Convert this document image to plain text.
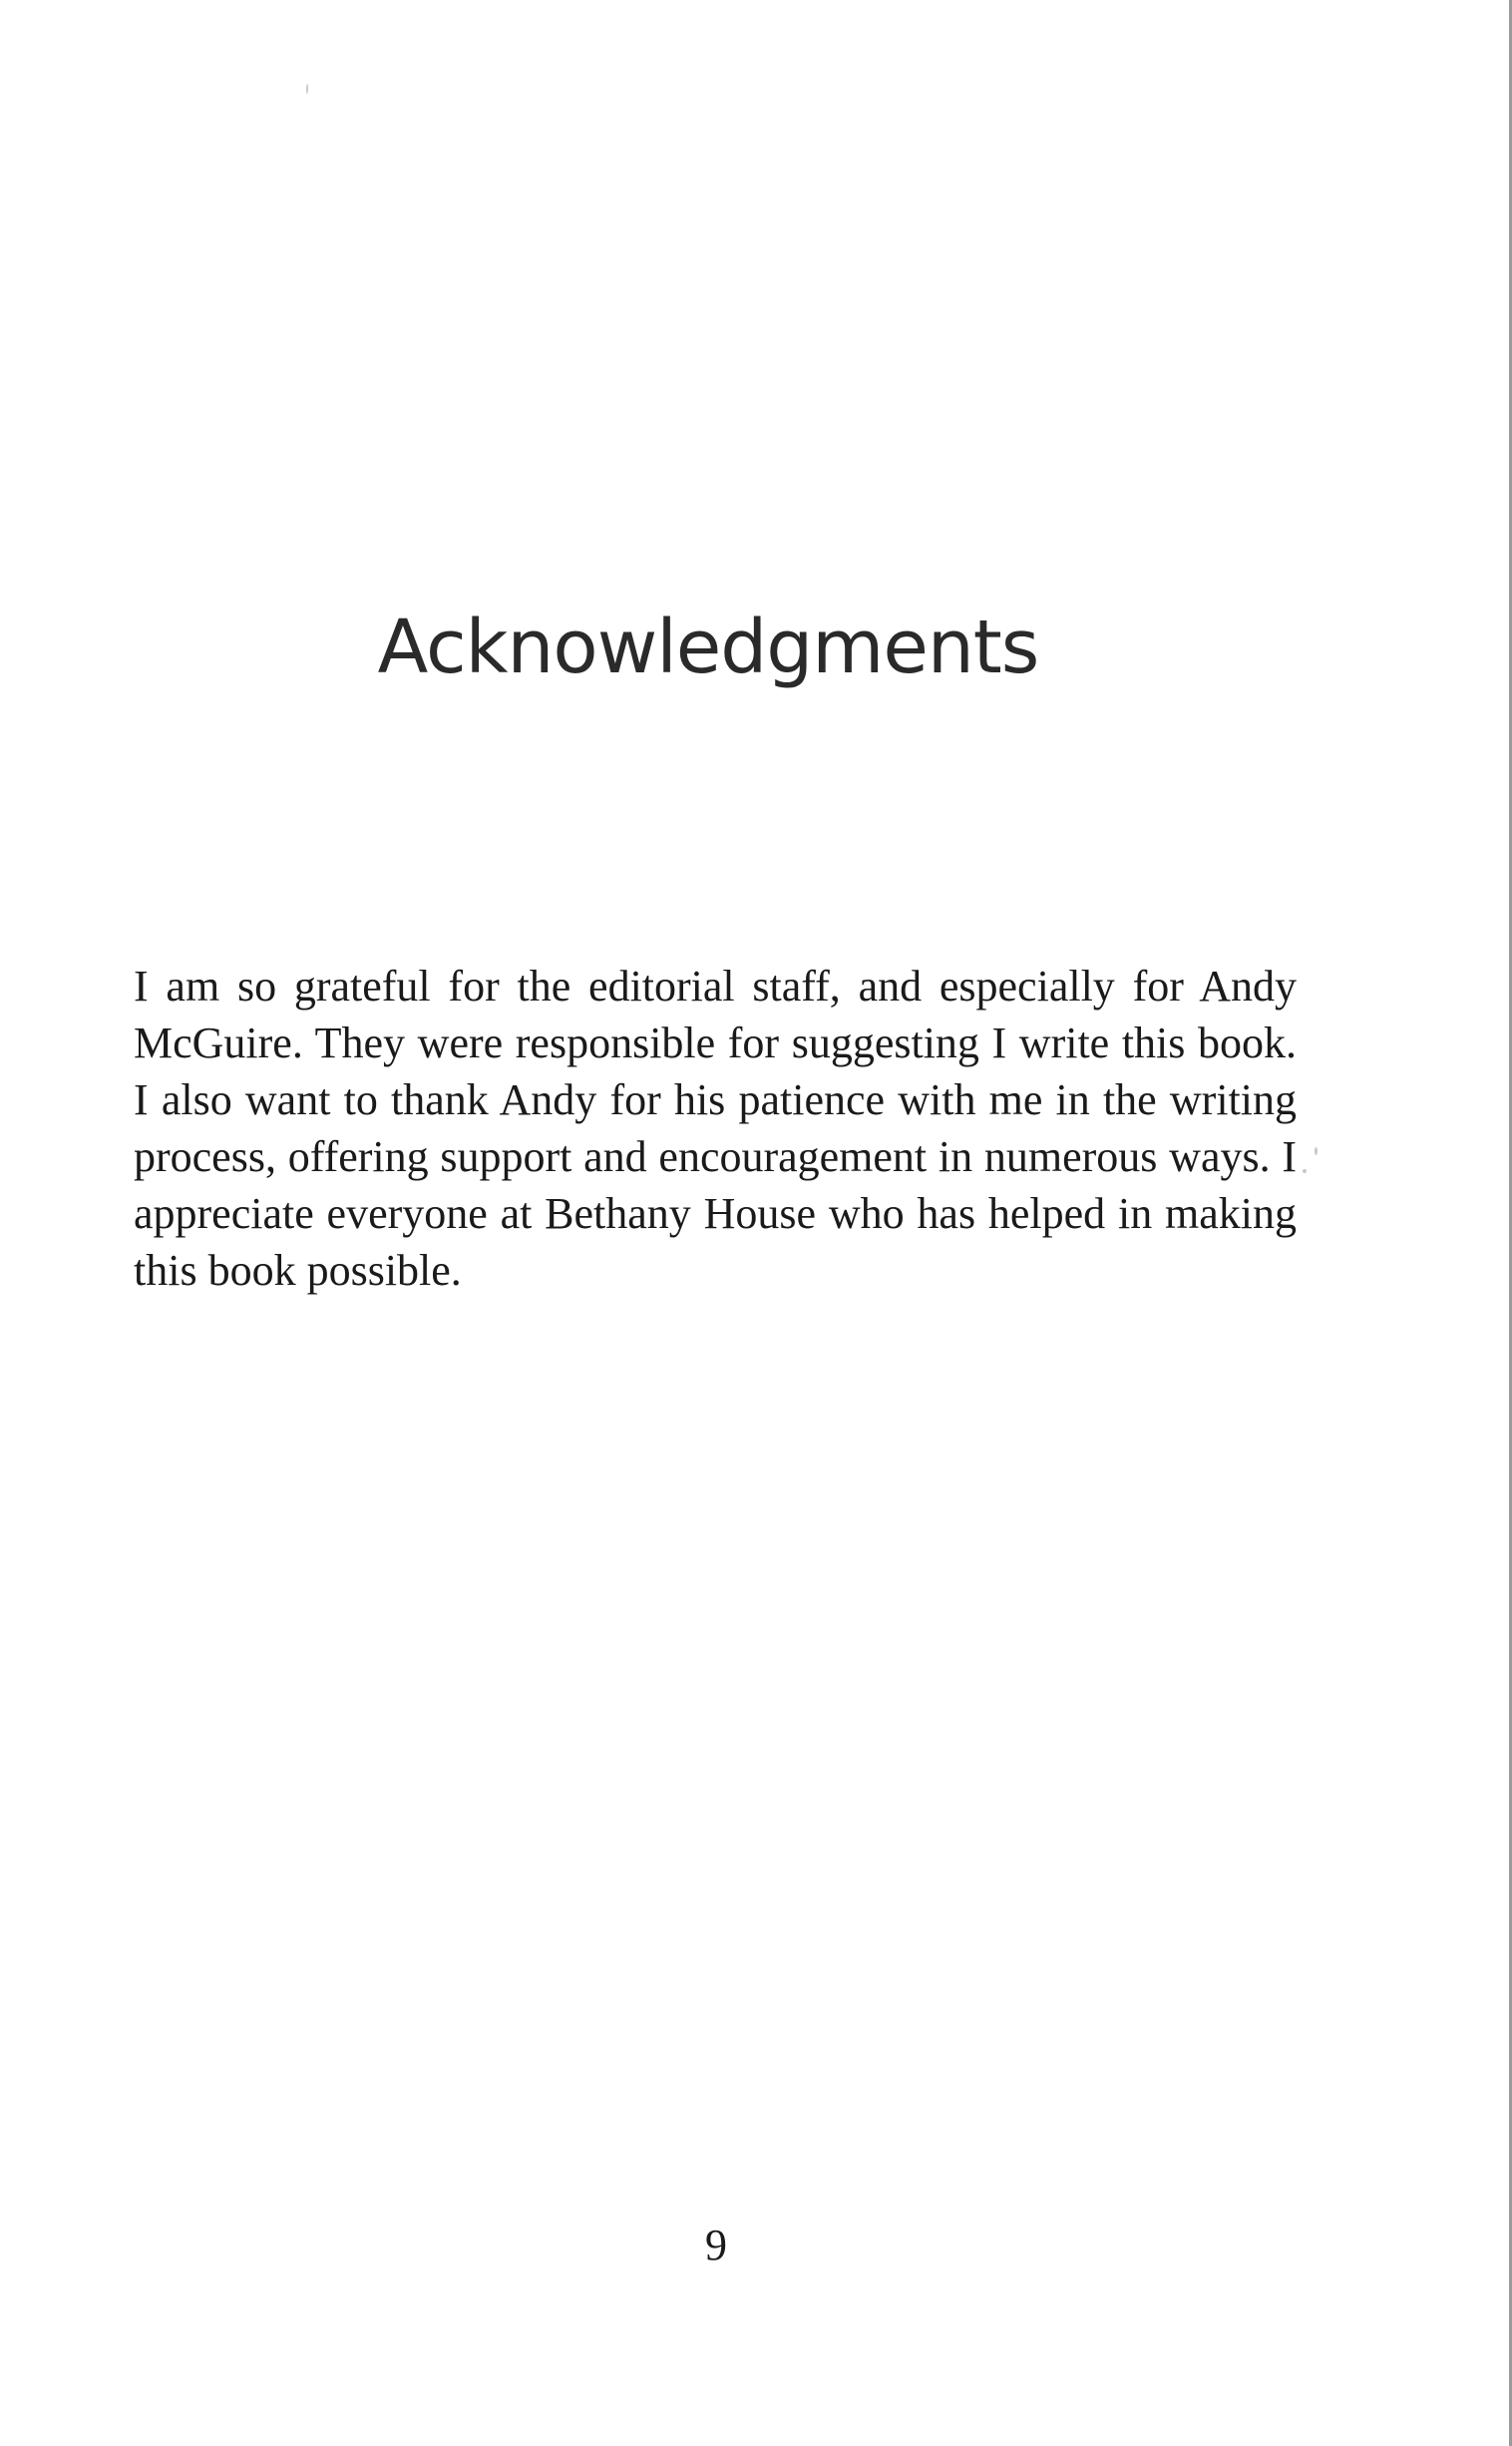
Acknowledgments
I am so grateful for the editorial staff, and especially for Andy
McGuire. They were responsible for suggesting I write this book.
I also want to thank Andy for his patience with me in the writing
process, offering support and encouragement in numerous ways. I
appreciate everyone at Bethany House who has helped in making
this book possible.
9
